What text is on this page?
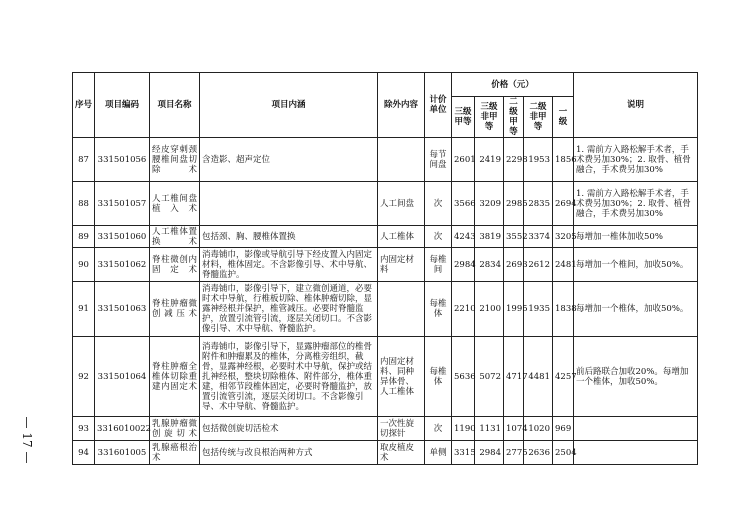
— 17 —
序号	项目编码	项目名称	项目内涵	除外内容	计价单位	价格（元）					说明
						三级甲等	三级非甲等	二级甲等	二级非甲等	一级	
87	331501056	经皮穿刺颈腰椎间盘切除术	含造影、超声定位		每节间盘	2601	2419	2298	1953	1856	1. 需前方入路松解手术者，手术费另加30%；2. 取骨、植骨融合，手术费另加30%
88	331501057	人工椎间盘植入术		人工间盘	次	3566	3209	2985	2835	2694	1. 需前方入路松解手术者，手术费另加30%；2. 取骨、植骨融合，手术费另加30%
89	331501060	人工椎体置换术	包括颈、胸、腰椎体置换	人工椎体	次	4243	3819	3552	3374	3205	每增加一椎体加收50%
90	331501062	脊柱微创内固定术	消毒铺巾，影像或导航引导下经皮置入内固定材料，椎体固定。不含影像引导、术中导航、脊髓监护。	内固定材料	每椎间	2984	2834	2693	2612	2481	每增加一个椎间，加收50%。
91	331501063	脊柱肿瘤微创减压术	消毒铺巾，影像引导下，建立微创通道，必要时术中导航，行椎板切除、椎体肿瘤切除，显露神经根并保护，椎管减压。必要时脊髓监护，放置引流管引流，逐层关闭切口。不含影像引导、术中导航、脊髓监护。		每椎体	2210	2100	1995	1935	1838	每增加一个椎体，加收50%。
92	331501064	脊柱肿瘤全椎体切除重建内固定术	消毒铺巾，影像引导下，显露肿瘤部位的椎骨附件和肿瘤累及的椎体，分离椎旁组织，截骨，显露神经根，必要时术中导航，保护或结扎神经根，整块切除椎体、附件部分，椎体重建，相邻节段椎体固定，必要时脊髓监护，放置引流管引流，逐层关闭切口。不含影像引导、术中导航、脊髓监护。	内固定材料、同种异体骨、人工椎体	每椎体	5636	5072	4717	4481	4257	前后路联合加收20%。每增加一个椎体，加收50%。
93	3316010022	乳腺肿瘤微创旋切术	包括微创旋切活检术	一次性旋切探针	次	1190	1131	1074	1020	969	
94	331601005	乳腺癌根治术	包括传统与改良根治两种方式	取皮植皮术	单侧	3315	2984	2775	2636	2504	
